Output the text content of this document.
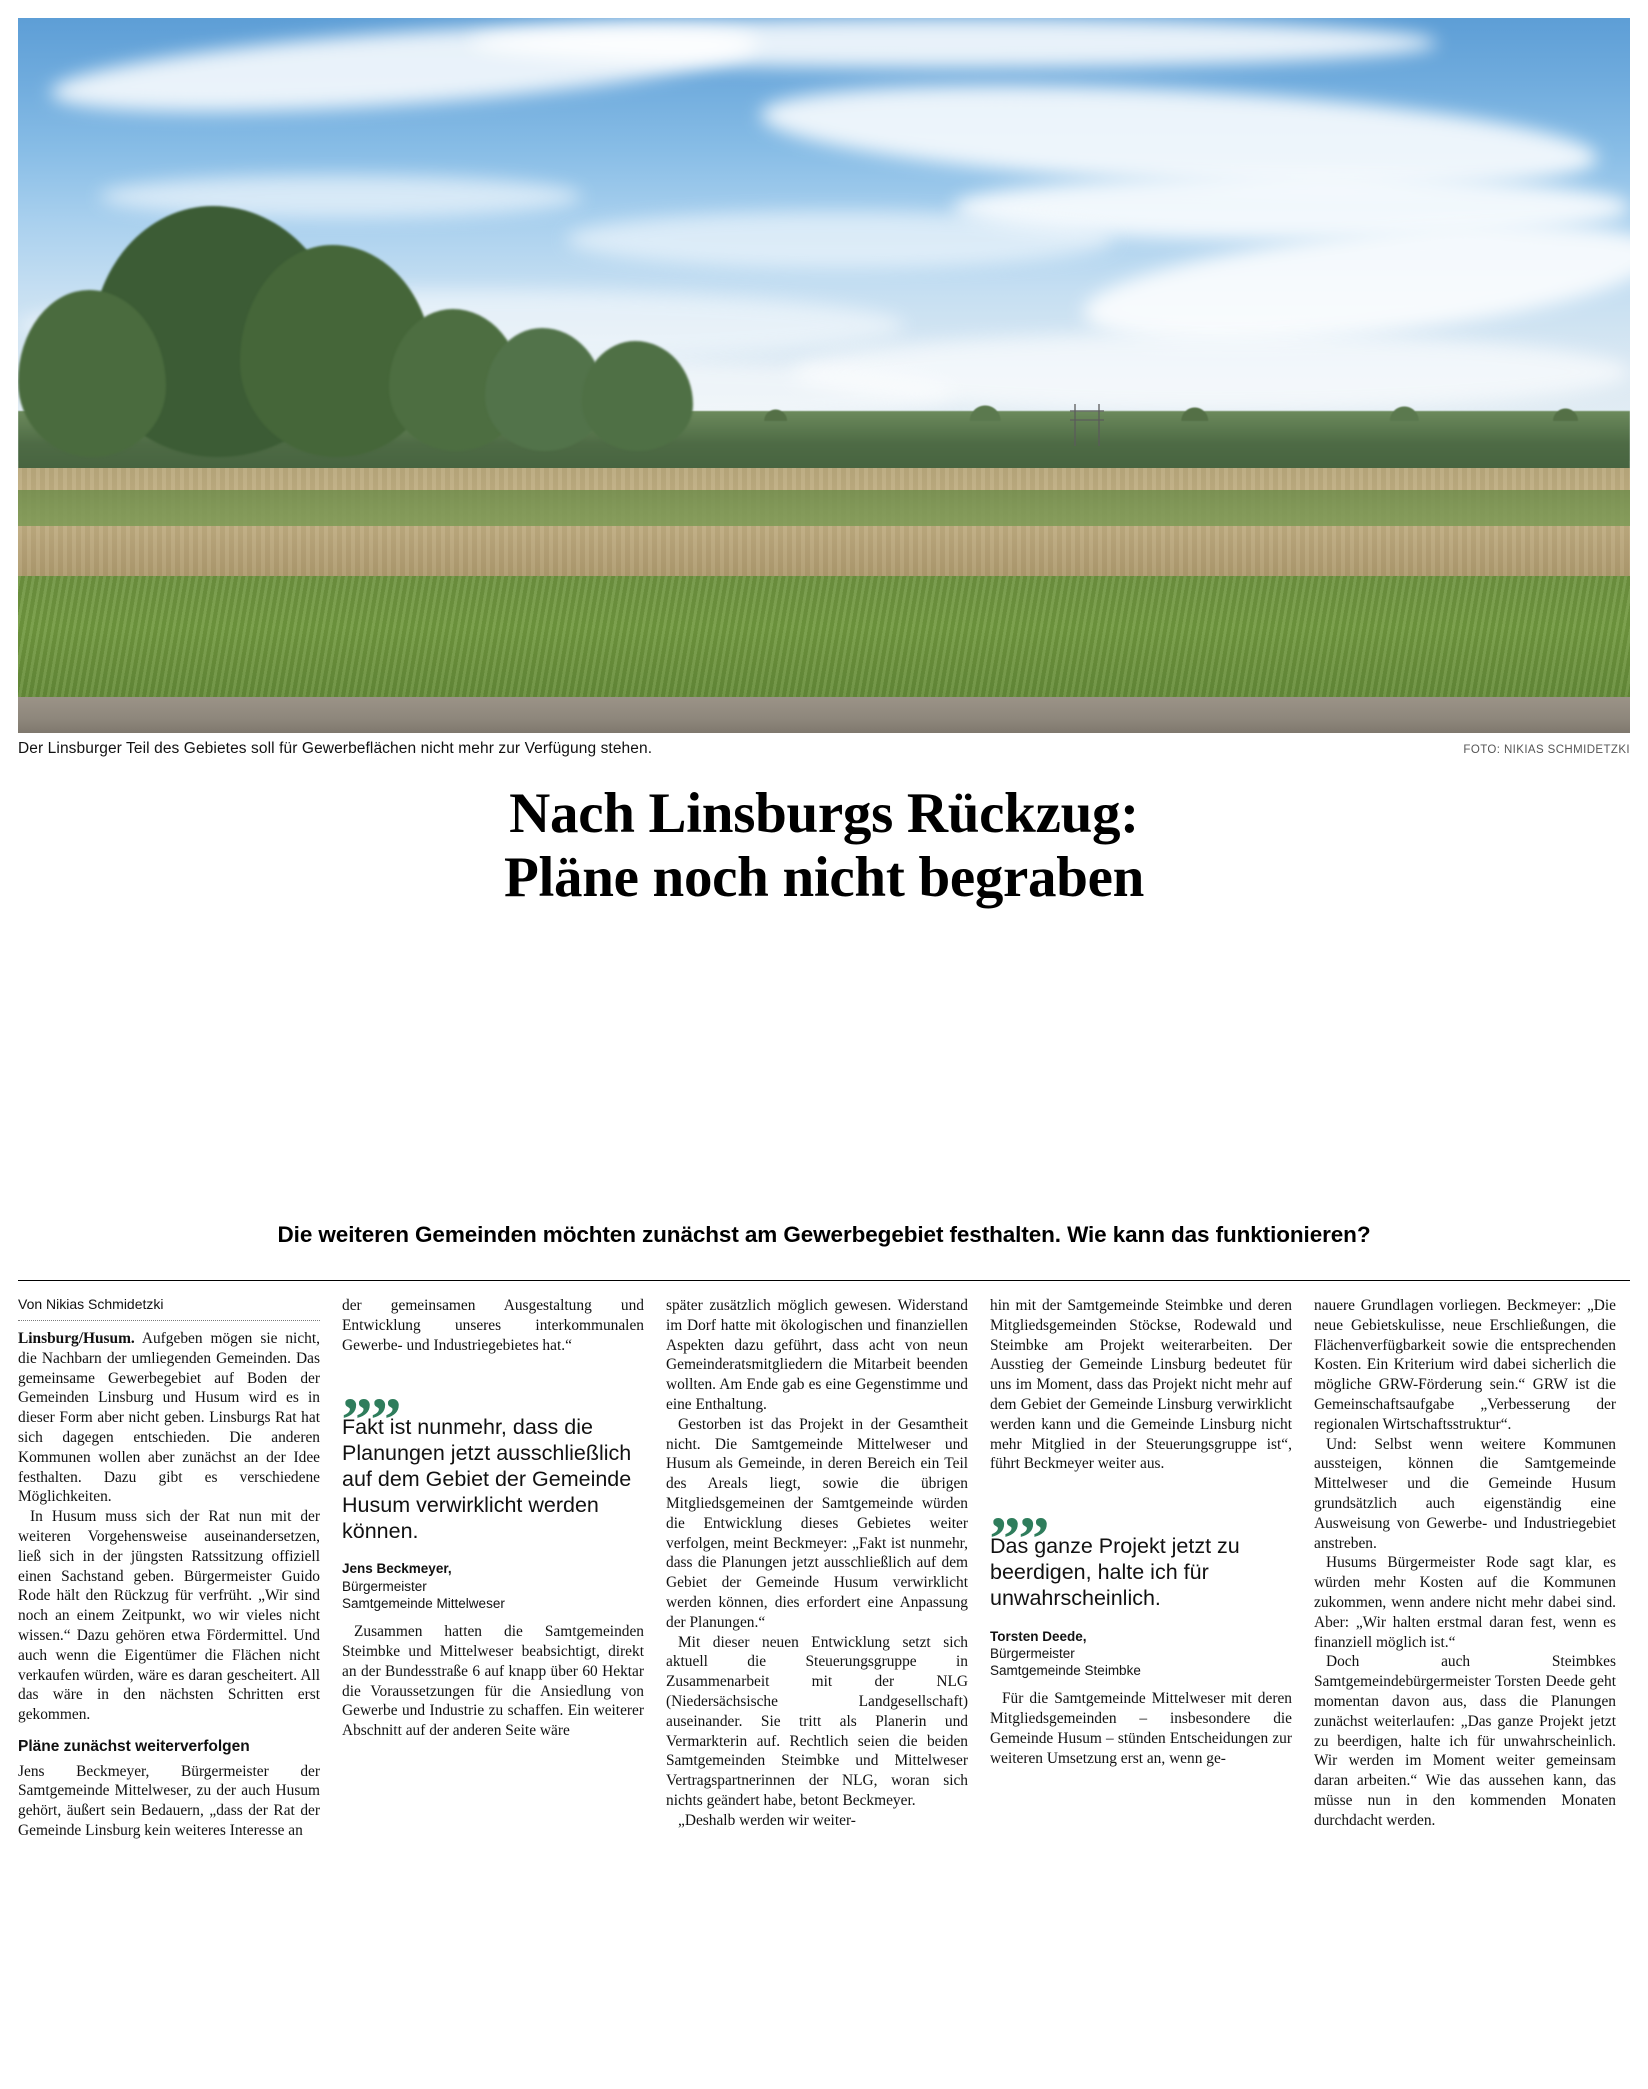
Der Linsburger Teil des Gebietes soll für Gewerbeflächen nicht mehr zur Verfügung stehen.	FOTO: NIKIAS SCHMIDETZKI
Nach Linsburgs Rückzug:
Pläne noch nicht begraben
Die weiteren Gemeinden möchten zunächst am Gewerbegebiet festhalten. Wie kann das funktionieren?
Von Nikias Schmidetzki

Linsburg/Husum. Aufgeben mögen sie nicht, die Nachbarn der umliegenden Gemeinden. Das gemeinsame Gewerbegebiet auf Boden der Gemeinden Linsburg und Husum wird es in dieser Form aber nicht geben. Linsburgs Rat hat sich dagegen entschieden. Die anderen Kommunen wollen aber zunächst an der Idee festhalten. Dazu gibt es verschiedene Möglichkeiten.

In Husum muss sich der Rat nun mit der weiteren Vorgehensweise auseinandersetzen, ließ sich in der jüngsten Ratssitzung offiziell einen Sachstand geben. Bürgermeister Guido Rode hält den Rückzug für verfrüht. „Wir sind noch an einem Zeitpunkt, wo wir vieles nicht wissen.“ Dazu gehören etwa Fördermittel. Und auch wenn die Eigentümer die Flächen nicht verkaufen würden, wäre es daran gescheitert. All das wäre in den nächsten Schritten erst gekommen.

Pläne zunächst weiterverfolgen

Jens Beckmeyer, Bürgermeister der Samtgemeinde Mittelweser, zu der auch Husum gehört, äußert sein Bedauern, „dass der Rat der Gemeinde Linsburg kein weiteres Interesse an

der gemeinsamen Ausgestaltung und Entwicklung unseres interkommunalen Gewerbe- und Industriegebietes hat.“

„„
Fakt ist nunmehr, dass die Planungen jetzt ausschließlich auf dem Gebiet der Gemeinde Husum verwirklicht werden können.
Jens Beckmeyer,
Bürgermeister
Samtgemeinde Mittelweser

Zusammen hatten die Samtgemeinden Steimbke und Mittelweser beabsichtigt, direkt an der Bundesstraße 6 auf knapp über 60 Hektar die Voraussetzungen für die Ansiedlung von Gewerbe und Industrie zu schaffen. Ein weiterer Abschnitt auf der anderen Seite wäre

später zusätzlich möglich gewesen. Widerstand im Dorf hatte mit ökologischen und finanziellen Aspekten dazu geführt, dass acht von neun Gemeinderatsmitgliedern die Mitarbeit beenden wollten. Am Ende gab es eine Gegenstimme und eine Enthaltung.

Gestorben ist das Projekt in der Gesamtheit nicht. Die Samtgemeinde Mittelweser und Husum als Gemeinde, in deren Bereich ein Teil des Areals liegt, sowie die übrigen Mitgliedsgemeinen der Samtgemeinde würden die Entwicklung dieses Gebietes weiter verfolgen, meint Beckmeyer: „Fakt ist nunmehr, dass die Planungen jetzt ausschließlich auf dem Gebiet der Gemeinde Husum verwirklicht werden können, dies erfordert eine Anpassung der Planungen.“

Mit dieser neuen Entwicklung setzt sich aktuell die Steuerungsgruppe in Zusammenarbeit mit der NLG (Niedersächsische Landgesellschaft) auseinander. Sie tritt als Planerin und Vermarkterin auf. Rechtlich seien die beiden Samtgemeinden Steimbke und Mittelweser Vertragspartnerinnen der NLG, woran sich nichts geändert habe, betont Beckmeyer.

„Deshalb werden wir weiter-

hin mit der Samtgemeinde Steimbke und deren Mitgliedsgemeinden Stöckse, Rodewald und Steimbke am Projekt weiterarbeiten. Der Ausstieg der Gemeinde Linsburg bedeutet für uns im Moment, dass das Projekt nicht mehr auf dem Gebiet der Gemeinde Linsburg verwirklicht werden kann und die Gemeinde Linsburg nicht mehr Mitglied in der Steuerungsgruppe ist“, führt Beckmeyer weiter aus.

„„
Das ganze Projekt jetzt zu beerdigen, halte ich für unwahrscheinlich.
Torsten Deede,
Bürgermeister
Samtgemeinde Steimbke

Für die Samtgemeinde Mittelweser mit deren Mitgliedsgemeinden – insbesondere die Gemeinde Husum – stünden Entscheidungen zur weiteren Umsetzung erst an, wenn ge-

nauere Grundlagen vorliegen. Beckmeyer: „Die neue Gebietskulisse, neue Erschließungen, die Flächenverfügbarkeit sowie die entsprechenden Kosten. Ein Kriterium wird dabei sicherlich die mögliche GRW-Förderung sein.“ GRW ist die Gemeinschaftsaufgabe „Verbesserung der regionalen Wirtschaftsstruktur“.

Und: Selbst wenn weitere Kommunen aussteigen, können die Samtgemeinde Mittelweser und die Gemeinde Husum grundsätzlich auch eigenständig eine Ausweisung von Gewerbe- und Industriegebiet anstreben.

Husums Bürgermeister Rode sagt klar, es würden mehr Kosten auf die Kommunen zukommen, wenn andere nicht mehr dabei sind. Aber: „Wir halten erstmal daran fest, wenn es finanziell möglich ist.“

Doch auch Steimbkes Samtgemeindebürgermeister Torsten Deede geht momentan davon aus, dass die Planungen zunächst weiterlaufen: „Das ganze Projekt jetzt zu beerdigen, halte ich für unwahrscheinlich. Wir werden im Moment weiter gemeinsam daran arbeiten.“ Wie das aussehen kann, das müsse nun in den kommenden Monaten durchdacht werden.
